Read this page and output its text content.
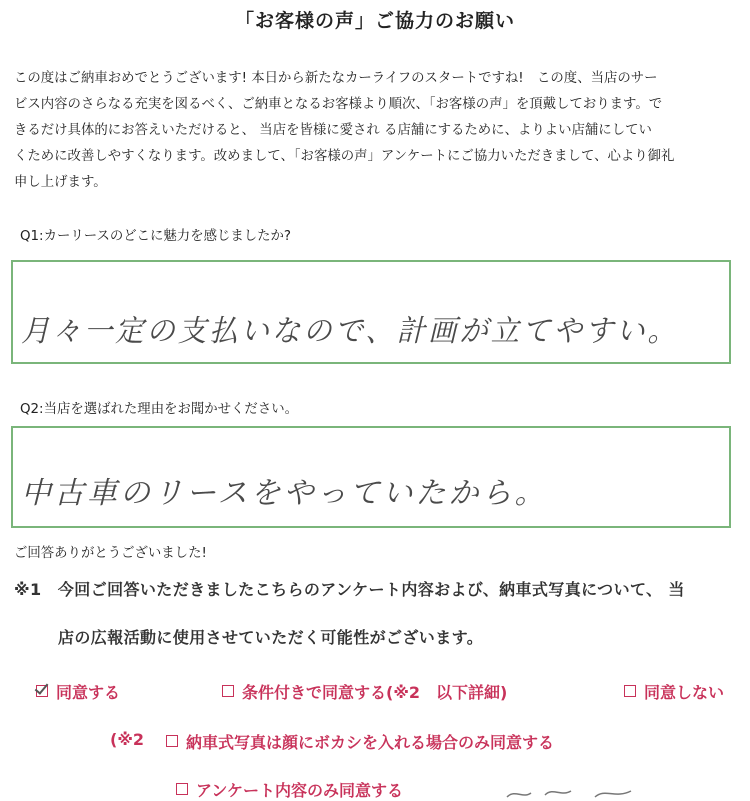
「お客様の声」ご協力のお願い
この度はご納車おめでとうございます! 本日から新たなカーライフのスタートですね!　この度、当店のサー
ビス内容のさらなる充実を図るべく、ご納車となるお客様より順次、「お客様の声」を頂戴しております。で
きるだけ具体的にお答えいただけると、 当店を皆様に愛され る店舗にするために、よりよい店舗にしてい
くために改善しやすくなります。改めまして、「お客様の声」アンケートにご協力いただきまして、心より御礼
申し上げます。
Q1:カーリースのどこに魅力を感じましたか?
月々一定の支払いなので、計画が立てやすい。
Q2:当店を選ばれた理由をお聞かせください。
中古車のリースをやっていたから。
ご回答ありがとうございました!
※1　今回ご回答いただきましたこちらのアンケート内容および、納車式写真について、 当
店の広報活動に使用させていただく可能性がございます。
同意する	条件付きで同意する(※2　以下詳細)	同意しない
(※2	納車式写真は顔にボカシを入れる場合のみ同意する
アンケート内容のみ同意する
